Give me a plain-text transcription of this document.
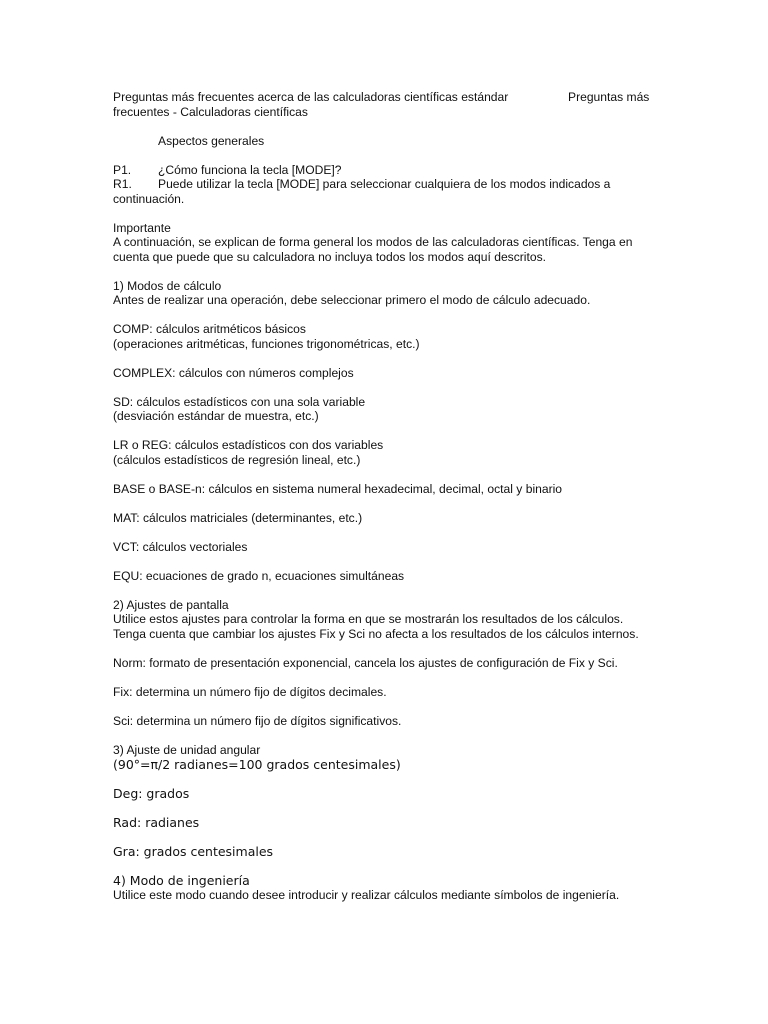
Preguntas más frecuentes acerca de las calculadoras científicas estándar	Preguntas más
frecuentes - Calculadoras científicas
Aspectos generales
P1. ¿Cómo funciona la tecla [MODE]?
R1. Puede utilizar la tecla [MODE] para seleccionar cualquiera de los modos indicados a
continuación.
Importante
A continuación, se explican de forma general los modos de las calculadoras científicas. Tenga en
cuenta que puede que su calculadora no incluya todos los modos aquí descritos.
1) Modos de cálculo
Antes de realizar una operación, debe seleccionar primero el modo de cálculo adecuado.
COMP: cálculos aritméticos básicos
(operaciones aritméticas, funciones trigonométricas, etc.)
COMPLEX: cálculos con números complejos
SD: cálculos estadísticos con una sola variable
(desviación estándar de muestra, etc.)
LR o REG: cálculos estadísticos con dos variables
(cálculos estadísticos de regresión lineal, etc.)
BASE o BASE-n: cálculos en sistema numeral hexadecimal, decimal, octal y binario
MAT: cálculos matriciales (determinantes, etc.)
VCT: cálculos vectoriales
EQU: ecuaciones de grado n, ecuaciones simultáneas
2) Ajustes de pantalla
Utilice estos ajustes para controlar la forma en que se mostrarán los resultados de los cálculos.
Tenga cuenta que cambiar los ajustes Fix y Sci no afecta a los resultados de los cálculos internos.
Norm: formato de presentación exponencial, cancela los ajustes de configuración de Fix y Sci.
Fix: determina un número fijo de dígitos decimales.
Sci: determina un número fijo de dígitos significativos.
3) Ajuste de unidad angular
(90°=π/2 radianes=100 grados centesimales)
Deg: grados
Rad: radianes
Gra: grados centesimales
4) Modo de ingeniería
Utilice este modo cuando desee introducir y realizar cálculos mediante símbolos de ingeniería.
